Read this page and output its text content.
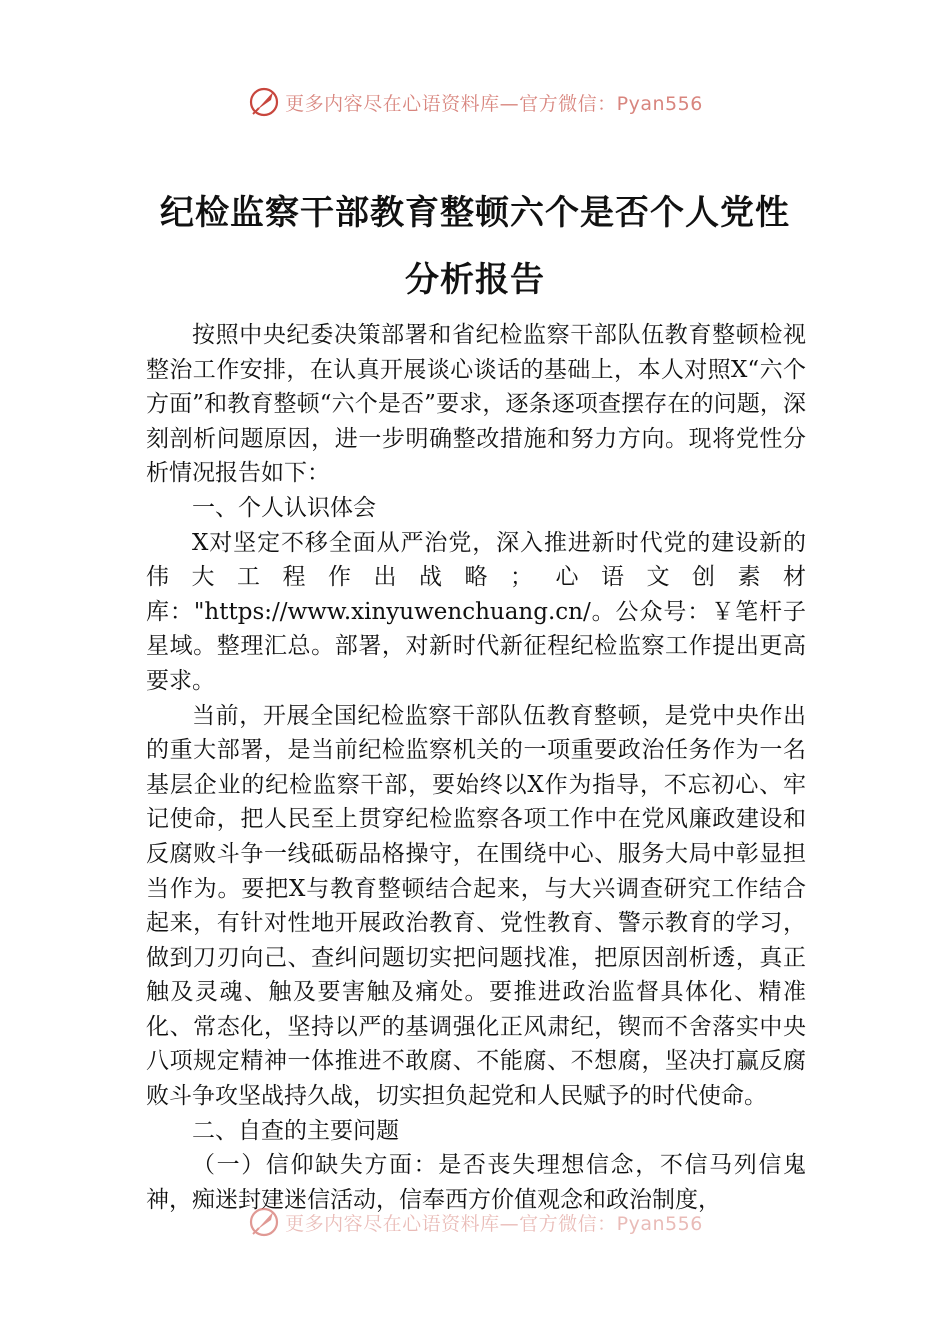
更多内容尽在心语资料库—官方微信：Pyan556
纪检监察干部教育整顿六个是否个人党性
分析报告

按照中央纪委决策部署和省纪检监察干部队伍教育整顿检视整治工作安排，在认真开展谈心谈话的基础上，本人对照X“六个方面”和教育整顿“六个是否”要求，逐条逐项查摆存在的问题，深刻剖析问题原因，进一步明确整改措施和努力方向。现将党性分析情况报告如下：

一、个人认识体会

X对坚定不移全面从严治党，深入推进新时代党的建设新的伟大工程作出战略；心语文创素材库："https://www.xinyuwenchuang.cn/。公众号：￥笔杆子星域。整理汇总。部署，对新时代新征程纪检监察工作提出更高要求。

当前，开展全国纪检监察干部队伍教育整顿，是党中央作出的重大部署，是当前纪检监察机关的一项重要政治任务作为一名基层企业的纪检监察干部，要始终以X作为指导，不忘初心、牢记使命，把人民至上贯穿纪检监察各项工作中在党风廉政建设和反腐败斗争一线砥砺品格操守，在围绕中心、服务大局中彰显担当作为。要把X与教育整顿结合起来，与大兴调查研究工作结合起来，有针对性地开展政治教育、党性教育、警示教育的学习，做到刀刃向己、查纠问题切实把问题找准，把原因剖析透，真正触及灵魂、触及要害触及痛处。要推进政治监督具体化、精准化、常态化，坚持以严的基调强化正风肃纪，锲而不舍落实中央八项规定精神一体推进不敢腐、不能腐、不想腐，坚决打赢反腐败斗争攻坚战持久战，切实担负起党和人民赋予的时代使命。

二、自查的主要问题

（一）信仰缺失方面：是否丧失理想信念，不信马列信鬼神，痴迷封建迷信活动，信奉西方价值观念和政治制度，

更多内容尽在心语资料库—官方微信：Pyan556
